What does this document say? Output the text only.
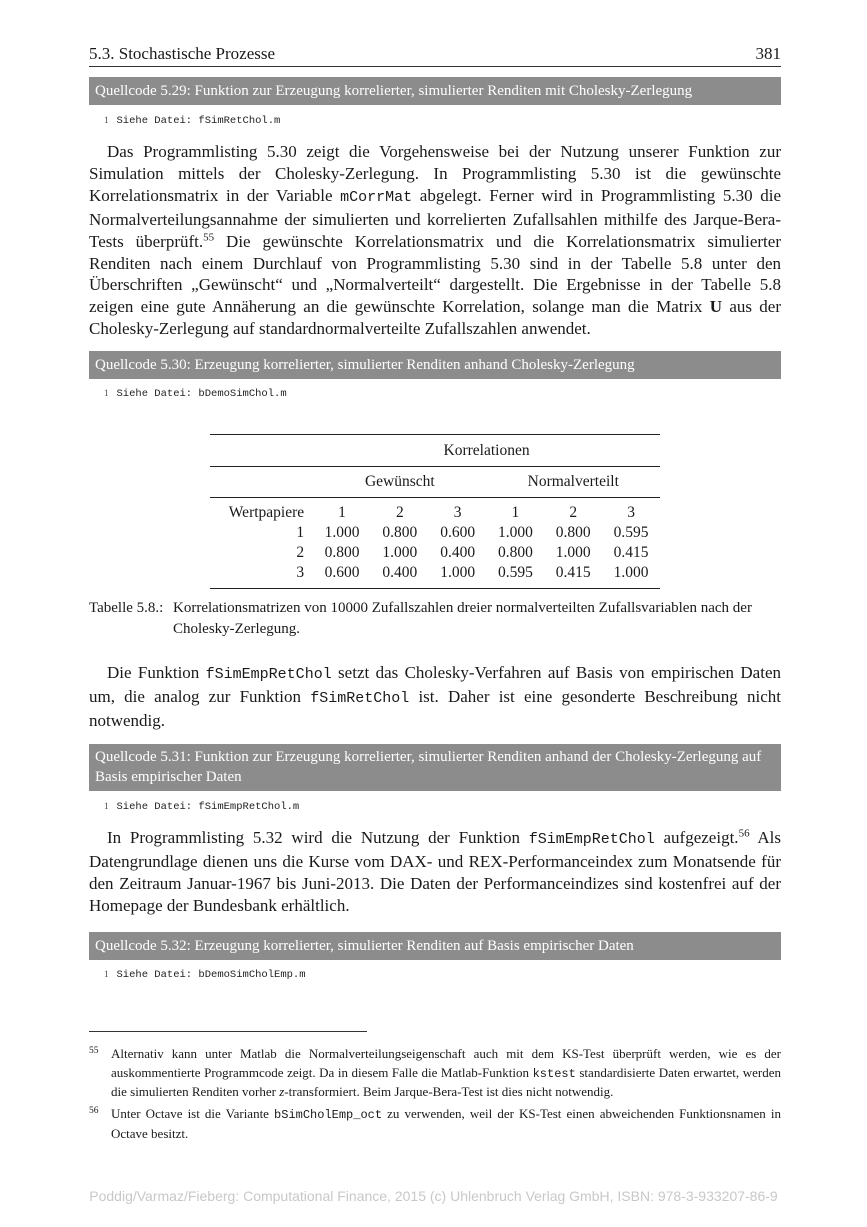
5.3. Stochastische Prozesse	381
Quellcode 5.29: Funktion zur Erzeugung korrelierter, simulierter Renditen mit Cholesky-Zerlegung
1 Siehe Datei: fSimRetChol.m

Das Programmlisting 5.30 zeigt die Vorgehensweise bei der Nutzung unserer Funktion zur Simulation mittels der Cholesky-Zerlegung. In Programmlisting 5.30 ist die gewünschte Korrelationsmatrix in der Variable mCorrMat abgelegt. Ferner wird in Programmlisting 5.30 die Normalverteilungsannahme der simulierten und korrelierten Zufallsahlen mithilfe des Jarque-Bera-Tests überprüft.$^{55}$ Die gewünschte Korrelationsmatrix und die Korrelationsmatrix simulierter Renditen nach einem Durchlauf von Programmlisting 5.30 sind in der Tabelle 5.8 unter den Überschriften „Gewünscht“ und „Normalverteilt“ dargestellt. Die Ergebnisse in der Tabelle 5.8 zeigen eine gute Annäherung an die gewünschte Korrelation, solange man die Matrix U aus der Cholesky-Zerlegung auf standardnormalverteilte Zufallszahlen anwendet.

Quellcode 5.30: Erzeugung korrelierter, simulierter Renditen anhand Cholesky-Zerlegung
1 Siehe Datei: bDemoSimChol.m
	Korrelationen					
	Gewünscht			Normalverteilt		
Wertpapiere	1	2	3	1	2	3
1	1.000	0.800	0.600	1.000	0.800	0.595
2	0.800	1.000	0.400	0.800	1.000	0.415
3	0.600	0.400	1.000	0.595	0.415	1.000
Tabelle 5.8.: Korrelationsmatrizen von 10000 Zufallszahlen dreier normalverteilten Zufallsvariablen nach der Cholesky-Zerlegung.

Die Funktion fSimEmpRetChol setzt das Cholesky-Verfahren auf Basis von empirischen Daten um, die analog zur Funktion fSimRetChol ist. Daher ist eine gesonderte Beschreibung nicht notwendig.

Quellcode 5.31: Funktion zur Erzeugung korrelierter, simulierter Renditen anhand der Cholesky-Zerlegung auf Basis empirischer Daten
1 Siehe Datei: fSimEmpRetChol.m

In Programmlisting 5.32 wird die Nutzung der Funktion fSimEmpRetChol aufgezeigt.$^{56}$ Als Datengrundlage dienen uns die Kurse vom DAX- und REX-Performanceindex zum Monatsende für den Zeitraum Januar-1967 bis Juni-2013. Die Daten der Performanceindizes sind kostenfrei auf der Homepage der Bundesbank erhältlich.

Quellcode 5.32: Erzeugung korrelierter, simulierter Renditen auf Basis empirischer Daten
1 Siehe Datei: bDemoSimCholEmp.m
55 Alternativ kann unter Matlab die Normalverteilungseigenschaft auch mit dem KS-Test überprüft werden, wie es der auskommentierte Programmcode zeigt. Da in diesem Falle die Matlab-Funktion kstest standardisierte Daten erwartet, werden die simulierten Renditen vorher z-transformiert. Beim Jarque-Bera-Test ist dies nicht notwendig.
56 Unter Octave ist die Variante bSimCholEmp_oct zu verwenden, weil der KS-Test einen abweichenden Funktionsnamen in Octave besitzt.
Poddig/Varmaz/Fieberg: Computational Finance, 2015 (c) Uhlenbruch Verlag GmbH, ISBN: 978-3-933207-86-9
